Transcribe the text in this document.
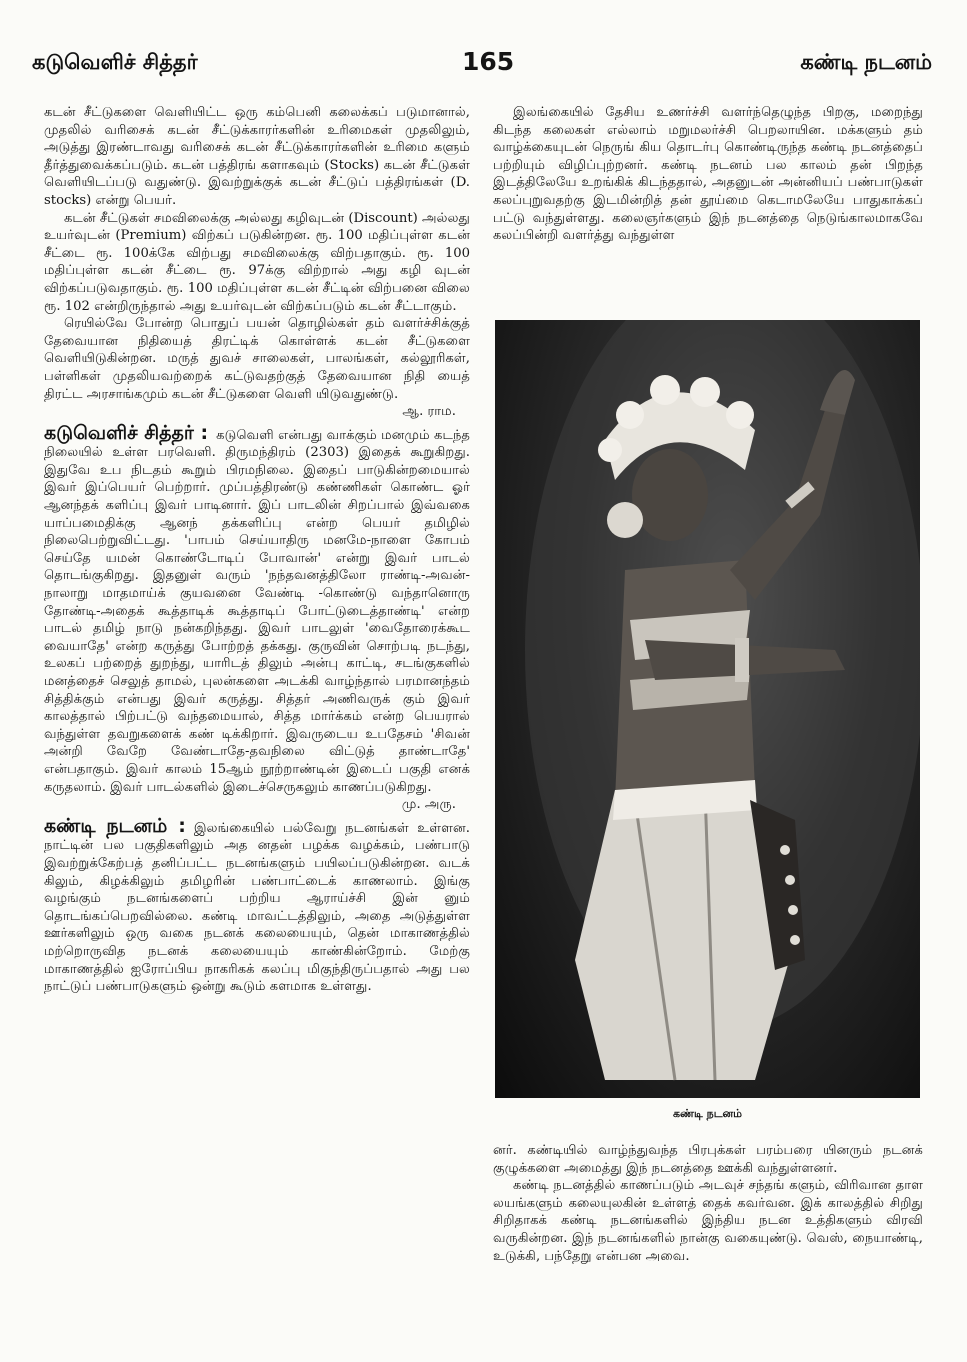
கடுவெளிச் சித்தர்	165	கண்டி நடனம்

கடன் சீட்டுகளை வெளியிட்ட ஒரு கம்பெனி கலைக்கப் படுமானால், முதலில் வரிசைக் கடன் சீட்டுக்காரர்களின் உரிமைகள் முதலிலும், அடுத்து இரண்டாவது வரிசைக் கடன் சீட்டுக்காரர்களின் உரிமை களும் தீர்த்துவைக்கப்படும். கடன் பத்திரங் களாகவும் (Stocks) கடன் சீட்டுகள் வெளியிடப்படு வதுண்டு. இவற்றுக்குக் கடன் சீட்டுப் பத்திரங்கள் (D. stocks) என்று பெயர்.

கடன் சீட்டுகள் சமவிலைக்கு அல்லது கழிவுடன் (Discount) அல்லது உயர்வுடன் (Premium) விற்கப் படுகின்றன. ரூ. 100 மதிப்புள்ள கடன் சீட்டை ரூ. 100க்கே விற்பது சமவிலைக்கு விற்பதாகும். ரூ. 100 மதிப்புள்ள கடன் சீட்டை ரூ. 97க்கு விற்றால் அது கழி வுடன் விற்கப்படுவதாகும். ரூ. 100 மதிப்புள்ள கடன் சீட்டின் விற்பனை விலை ரூ. 102 என்றிருந்தால் அது உயர்வுடன் விற்கப்படும் கடன் சீட்டாகும்.

ரெயில்வே போன்ற பொதுப் பயன் தொழில்கள் தம் வளர்ச்சிக்குத் தேவையான நிதியைத் திரட்டிக் கொள்ளக் கடன் சீட்டுகளை வெளியிடுகின்றன. மருத் துவச் சாலைகள், பாலங்கள், கல்லூரிகள், பள்ளிகள் முதலியவற்றைக் கட்டுவதற்குத் தேவையான நிதி யைத் திரட்ட அரசாங்கமும் கடன் சீட்டுகளை வெளி யிடுவதுண்டு.

ஆ. ராம.

கடுவெளிச் சித்தர் : கடுவெளி என்பது வாக்கும் மனமும் கடந்த நிலையில் உள்ள பரவெளி. திருமந்திரம் (2303) இதைக் கூறுகிறது. இதுவே உப நிடதம் கூறும் பிரமநிலை. இதைப் பாடுகின்றமையால் இவர் இப்பெயர் பெற்றார். முப்பத்திரண்டு கண்ணிகள் கொண்ட ஓர் ஆனந்தக் களிப்பு இவர் பாடினார். இப் பாடலின் சிறப்பால் இவ்வகை யாப்பமைதிக்கு ஆனந் தக்களிப்பு என்ற பெயர் தமிழில் நிலைபெற்றுவிட்டது. 'பாபம் செய்யாதிரு மனமே-நாளை கோபம் செய்தே யமன் கொண்டோடிப் போவான்' என்று இவர் பாடல் தொடங்குகிறது. இதனுள் வரும் 'நந்தவனத்திலோ ராண்டி-அவன்-நாலாறு மாதமாய்க் குயவனை வேண்டி -கொண்டு வந்தானொரு தோண்டி-அதைக் கூத்தாடிக் கூத்தாடிப் போட்டுடைத்தாண்டி' என்ற பாடல் தமிழ் நாடு நன்கறிந்தது. இவர் பாடலுள் 'வைதோரைக்கூட வையாதே' என்ற கருத்து போற்றத் தக்கது. குருவின் சொற்படி நடந்து, உலகப் பற்றைத் துறந்து, யாரிடத் திலும் அன்பு காட்டி, சடங்குகளில் மனத்தைச் செலுத் தாமல், புலன்களை அடக்கி வாழ்ந்தால் பரமானந்தம் சித்திக்கும் என்பது இவர் கருத்து. சித்தர் அணிவருக் கும் இவர் காலத்தால் பிற்பட்டு வந்தமையால், சித்த மார்க்கம் என்ற பெயரால் வந்துள்ள தவறுகளைக் கண் டிக்கிறார். இவருடைய உபதேசம் 'சிவன் அன்றி வேறே வேண்டாதே-தவநிலை விட்டுத் தாண்டாதே' என்பதாகும். இவர் காலம் 15ஆம் நூற்றாண்டின் இடைப் பகுதி எனக் கருதலாம். இவர் பாடல்களில் இடைச்செருகலும் காணப்படுகிறது.

மு. அரு.

கண்டி நடனம் : இலங்கையில் பல்வேறு நடனங்கள் உள்ளன. நாட்டின் பல பகுதிகளிலும் அத னதன் பழக்க வழக்கம், பண்பாடு இவற்றுக்கேற்பத் தனிப்பட்ட நடனங்களும் பயிலப்படுகின்றன. வடக் கிலும், கிழக்கிலும் தமிழரின் பண்பாட்டைக் காணலாம். இங்கு வழங்கும் நடனங்களைப் பற்றிய ஆராய்ச்சி இன் னும் தொடங்கப்பெறவில்லை. கண்டி மாவட்டத்திலும், அதை அடுத்துள்ள ஊர்களிலும் ஒரு வகை நடனக் கலையையும், தென் மாகாணத்தில் மற்றொருவித நடனக் கலையையும் காண்கின்றோம். மேற்கு மாகாணத்தில் ஐரோப்பிய நாகரிகக் கலப்பு மிகுந்திருப்பதால் அது பல நாட்டுப் பண்பாடுகளும் ஒன்று கூடும் களமாக உள்ளது.

இலங்கையில் தேசிய உணர்ச்சி வளர்ந்தெழுந்த பிறகு, மறைந்து கிடந்த கலைகள் எல்லாம் மறுமலர்ச்சி பெறலாயின. மக்களும் தம் வாழ்க்கையுடன் நெருங் கிய தொடர்பு கொண்டிருந்த கண்டி நடனத்தைப் பற்றியும் விழிப்புற்றனர். கண்டி நடனம் பல காலம் தன் பிறந்த இடத்திலேயே உறங்கிக் கிடந்ததால், அதனுடன் அன்னியப் பண்பாடுகள் கலப்புறுவதற்கு இடமின்றித் தன் தூய்மை கெடாமலேயே பாதுகாக்கப் பட்டு வந்துள்ளது. கலைஞர்களும் இந் நடனத்தை நெடுங்காலமாகவே கலப்பின்றி வளர்த்து வந்துள்ள

கண்டி நடனம்

னர். கண்டியில் வாழ்ந்துவந்த பிரபுக்கள் பரம்பரை யினரும் நடனக் குழுக்களை அமைத்து இந் நடனத்தை ஊக்கி வந்துள்ளனர்.

கண்டி நடனத்தில் காணப்படும் அடவுச் சந்தங் களும், விரிவான தாள லயங்களும் கலையுலகின் உள்ளத் தைக் கவர்வன. இக் காலத்தில் சிறிது சிறிதாகக் கண்டி நடனங்களில் இந்திய நடன உத்திகளும் விரவி வருகின்றன. இந் நடனங்களில் நான்கு வகையுண்டு. வெஸ், நையாண்டி, உடுக்கி, பந்தேறு என்பன அவை.
